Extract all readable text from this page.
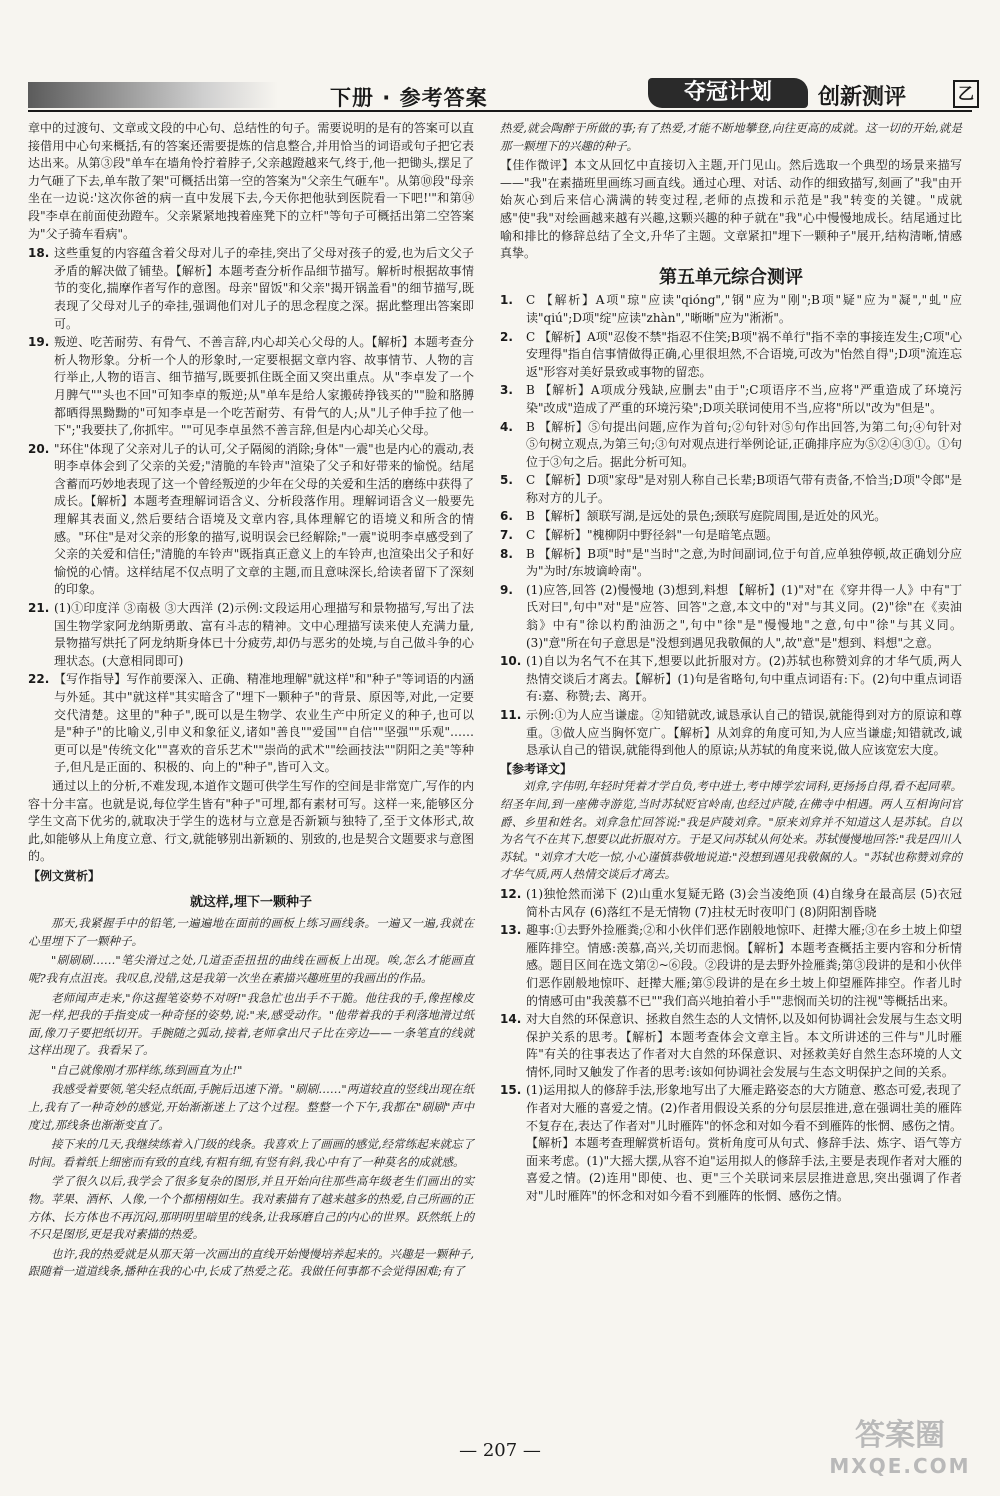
下册 · 参考答案	夺冠计划	创新测评	乙

章中的过渡句、文章或文段的中心句、总结性的句子。需要说明的是有的答案可以直接借用中心句来概括,有的答案还需要提炼的信息整合,并用恰当的词语或句子把它表达出来。从第③段"单车在墙角怜拧着脖子,父亲越蹬越来气,终于,他一把锄头,摆足了力气砸了下去,单车散了架"可概括出第一空的答案为"父亲生气砸车"。从第⑩段"母亲坐在一边说:'这次你爸的病一直中发展下去,今天你把他驮到医院看一下吧!'"和第⑭段"李卓在前面使劲蹬车。父亲紧紧地拽着座凳下的立杆"等句子可概括出第二空答案为"父子骑车看病"。

18. 这些重复的内容蕴含着父母对儿子的牵挂,突出了父母对孩子的爱,也为后文父子矛盾的解决做了铺垫。【解析】本题考查分析作品细节描写。解析时根据故事情节的变化,揣摩作者写作的意图。母亲"留饭"和父亲"揭开锅盖看"的细节描写,既表现了父母对儿子的牵挂,强调他们对儿子的思念程度之深。据此整理出答案即可。
19. 叛逆、吃苦耐劳、有骨气、不善言辞,内心却关心父母的人。【解析】本题考查分析人物形象。分析一个人的形象时,一定要根据文章内容、故事情节、人物的言行举止,人物的语言、细节描写,既要抓住既全面又突出重点。从"李卓发了一个月脾气""头也不回"可知李卓的叛逆;从"单车是给人家搬砖挣钱买的""脸和胳膊都晒得黑黝黝的"可知李卓是一个吃苦耐劳、有骨气的人;从"儿子伸手拉了他一下";"我要扶了,你抓牢。""可见李卓虽然不善言辞,但是内心却关心父母。
20. "环住"体现了父亲对儿子的认可,父子隔阂的消除;身体"一震"也是内心的震动,表明李卓体会到了父亲的关爱;"清脆的车铃声"渲染了父子和好带来的愉悦。结尾含蓄而巧妙地表现了这一个曾经叛逆的少年在父母的关爱和生活的磨练中获得了成长。【解析】本题考查理解词语含义、分析段落作用。理解词语含义一般要先理解其表面义,然后要结合语境及文章内容,具体理解它的语境义和所含的情感。"环住"是对父亲的形象的描写,说明误会已经解除;"一震"说明李卓感受到了父亲的关爱和信任;"清脆的车铃声"既指真正意义上的车铃声,也渲染出父子和好愉悦的心情。这样结尾不仅点明了文章的主题,而且意味深长,给读者留下了深刻的印象。
21. (1)①印度洋 ③南极 ③大西洋 (2)示例:文段运用心理描写和景物描写,写出了法国生物学家阿龙纳斯勇敢、富有斗志的精神。文中心理描写读来使人充满力量,景物描写烘托了阿龙纳斯身体已十分疲劳,却仍与恶劣的处境,与自己做斗争的心理状态。(大意相同即可)
22. 【写作指导】写作前要深入、正确、精准地理解"就这样"和"种子"等词语的内涵与外延。其中"就这样"其实暗含了"埋下一颗种子"的背景、原因等,对此,一定要交代清楚。这里的"种子",既可以是生物学、农业生产中所定义的种子,也可以是"种子"的比喻义,引申义和象征义,诸如"善良""爱国""自信""坚强""乐观"……更可以是"传统文化""喜欢的音乐艺术""崇尚的武术""绘画技法""阴阳之美"等种子,但凡是正面的、积极的、向上的"种子",皆可入文。

通过以上的分析,不难发现,本道作文题可供学生写作的空间是非常宽广,写作的内容十分丰富。也就是说,每位学生皆有"种子"可埋,都有素材可写。这样一来,能够区分学生文高下优劣的,就取决于学生的选材与立意是否新颖与独特了,至于文体形式,故此,如能够从上角度立意、行文,就能够别出新颖的、别致的,也是契合文题要求与意图的。

【例文赏析】
就这样,埋下一颗种子

那天,我紧握手中的铅笔,一遍遍地在面前的画板上练习画线条。一遍又一遍,我就在心里埋下了一颗种子。

"刷刷刷……"笔尖滑过之处,几道歪歪扭扭的曲线在画板上出现。唉,怎么才能画直呢?我有点沮丧。我叹息,没错,这是我第一次坐在素描兴趣班里的我画出的作品。

老师闻声走来,"你这握笔姿势不对呀!"我急忙也出手不干脆。他往我的手,像捏橡皮泥一样,把我的手指变成一种奇怪的姿势,说:"来,感受动作。"他带着我的手利落地滑过纸面,像刀子要把纸切开。手腕随之弧动,接着,老师拿出尺子比在旁边——一条笔直的线就这样出现了。我看呆了。

"自己就像刚才那样练,练到画直为止!"

我感受着要领,笔尖轻点纸面,手腕后迅速下滑。"刷刷……"两道较直的竖线出现在纸上,我有了一种奇妙的感觉,开始渐渐迷上了这个过程。整整一个下午,我都在"刷刷"声中度过,那线条也渐渐变直了。

接下来的几天,我继续练着入门级的线条。我喜欢上了画画的感觉,经常练起来就忘了时间。看着纸上细密而有致的直线,有粗有细,有竖有斜,我心中有了一种莫名的成就感。

学了很久以后,我学会了很多复杂的图形,并且开始向往那些高年级老生们画出的实物。苹果、酒杯、人像,一个个都栩栩如生。我对素描有了越来越多的热爱,自己所画的正方体、长方体也不再沉闷,那明明里暗里的线条,让我琢磨自己的内心的世界。跃然纸上的不只是图形,更是我对素描的热爱。

也许,我的热爱就是从那天第一次画出的直线开始慢慢培养起来的。兴趣是一颗种子,跟随着一道道线条,播种在我的心中,长成了热爱之花。我做任何事都不会觉得困难;有了

热爱,就会陶醉于所做的事;有了热爱,才能不断地攀登,向往更高的成就。这一切的开始,就是那一颗埋下的兴趣的种子。

【佳作微评】本文从回忆中直接切入主题,开门见山。然后选取一个典型的场景来描写——"我"在素描班里画练习画直线。通过心理、对话、动作的细致描写,刻画了"我"由开始灰心到后来信心满满的转变过程,老师的点拨和示范是"我"转变的关键。"成就感"使"我"对绘画越来越有兴趣,这颗兴趣的种子就在"我"心中慢慢地成长。结尾通过比喻和排比的修辞总结了全文,升华了主题。文章紧扣"埋下一颗种子"展开,结构清晰,情感真挚。

第五单元综合测评
1.	C 【解析】A项"琼"应读"qióng","钢"应为"刚";B项"疑"应为"凝","虬"应读"qiú";D项"绽"应读"zhàn","晰晰"应为"淅淅"。
2.	C 【解析】A项"忍俊不禁"指忍不住笑;B项"祸不单行"指不幸的事接连发生;C项"心安理得"指自信事情做得正确,心里很坦然,不合语境,可改为"怡然自得";D项"流连忘返"形容对美好景致或事物的留恋。
3.	B 【解析】A项成分残缺,应删去"由于";C项语序不当,应将"严重造成了环境污染"改成"造成了严重的环境污染";D项关联词使用不当,应将"所以"改为"但是"。
4.	B 【解析】⑤句提出问题,应作为首句;②句针对⑤句作出回答,为第二句;④句针对⑤句树立观点,为第三句;③句对观点进行举例论证,正确排序应为⑤②④③①。①句位于③句之后。据此分析可知。
5.	C 【解析】D项"家母"是对别人称自己长辈;B项语气带有责备,不恰当;D项"令郎"是称对方的儿子。
6.	B 【解析】颔联写湖,是远处的景色;颈联写庭院周围,是近处的风光。
7.	C 【解析】"槐柳阴中野径斜"一句是暗笔点题。
8.	B 【解析】B项"时"是"当时"之意,为时间副词,位于句首,应单独停顿,故正确划分应为"为时/东坡谪岭南"。
9.	(1)应答,回答 (2)慢慢地 (3)想到,料想 【解析】(1)"对"在《穿井得一人》中有"丁氏对曰",句中"对"是"应答、回答"之意,本文中的"对"与其义同。(2)"徐"在《卖油翁》中有"徐以杓酌油沥之",句中"徐"是"慢慢地"之意,句中"徐"与其义同。(3)"意"所在句子意思是"没想到遇见我敬佩的人",故"意"是"想到、料想"之意。
10. (1)自以为名气不在其下,想要以此折服对方。(2)苏轼也称赞刘弇的才华气质,两人热情交谈后才离去。【解析】(1)句是省略句,句中重点词语有:下。(2)句中重点词语有:嘉、称赞;去、离开。
11. 示例:①为人应当谦虚。②知错就改,诚恳承认自己的错误,就能得到对方的原谅和尊重。③做人应当胸怀宽广。【解析】从刘弇的角度可知,为人应当谦虚;知错就改,诚恳承认自己的错误,就能得到他人的原谅;从苏轼的角度来说,做人应该宽宏大度。
【参考译文】

刘弇,字伟明,年轻时凭着才学自负,考中进士,考中博学宏词科,更扬扬自得,看不起同辈。绍圣年间,到一座佛寺游览,当时苏轼贬官岭南,也经过庐陵,在佛寺中相遇。两人互相询问官爵、乡里和姓名。刘弇急忙回答说:"我是庐陵刘弇。"原来刘弇并不知道这人是苏轼。自以为名气不在其下,想要以此折服对方。于是又问苏轼从何处来。苏轼慢慢地回答:"我是四川人苏轼。"刘弇才大吃一惊,小心谨慎恭敬地说道:"没想到遇见我敬佩的人。"苏轼也称赞刘弇的才华气质,两人热情交谈后才离去。

12. (1)独怆然而涕下 (2)山重水复疑无路 (3)会当凌绝顶 (4)自缘身在最高层 (5)衣冠简朴古风存 (6)落红不是无情物 (7)拄杖无时夜叩门 (8)阴阳割昏晓
13. 趣事:①去野外捡雁粪;②和小伙伴们恶作剧般地惊吓、赶撵大雁;③在乡土坡上仰望雁阵排空。情感:羡慕,高兴,关切而悲悯。【解析】本题考查概括主要内容和分析情感。题目区间在选文第②~⑥段。②段讲的是去野外捡雁粪;第③段讲的是和小伙伴们恶作剧般地惊吓、赶撵大雁;第⑤段讲的是在乡土坡上仰望雁阵排空。作者儿时的情感可由"我羡慕不已""我们高兴地拍着小手""悲悯而关切的注视"等概括出来。
14. 对大自然的环保意识、拯救自然生态的人文情怀,以及如何协调社会发展与生态文明保护关系的思考。【解析】本题考查体会文章主旨。本文所讲述的三件与"儿时雁阵"有关的往事表达了作者对大自然的环保意识、对拯救美好自然生态环境的人文情怀,同时又触发了作者的思考:该如何协调社会发展与生态文明保护之间的关系。
15. (1)运用拟人的修辞手法,形象地写出了大雁走路姿态的大方随意、憨态可爱,表现了作者对大雁的喜爱之情。(2)作者用假设关系的分句层层推进,意在强调壮美的雁阵不复存在,表达了作者对"儿时雁阵"的怀念和对如今看不到雁阵的怅惘、感伤之情。【解析】本题考查理解赏析语句。赏析角度可从句式、修辞手法、炼字、语气等方面来考虑。(1)"大摇大摆,从容不迫"运用拟人的修辞手法,主要是表现作者对大雁的喜爱之情。(2)连用"即使、也、更"三个关联词来层层推进意思,突出强调了作者对"儿时雁阵"的怀念和对如今看不到雁阵的怅惘、感伤之情。
— 207 —	答案圈
MXQE.COM
